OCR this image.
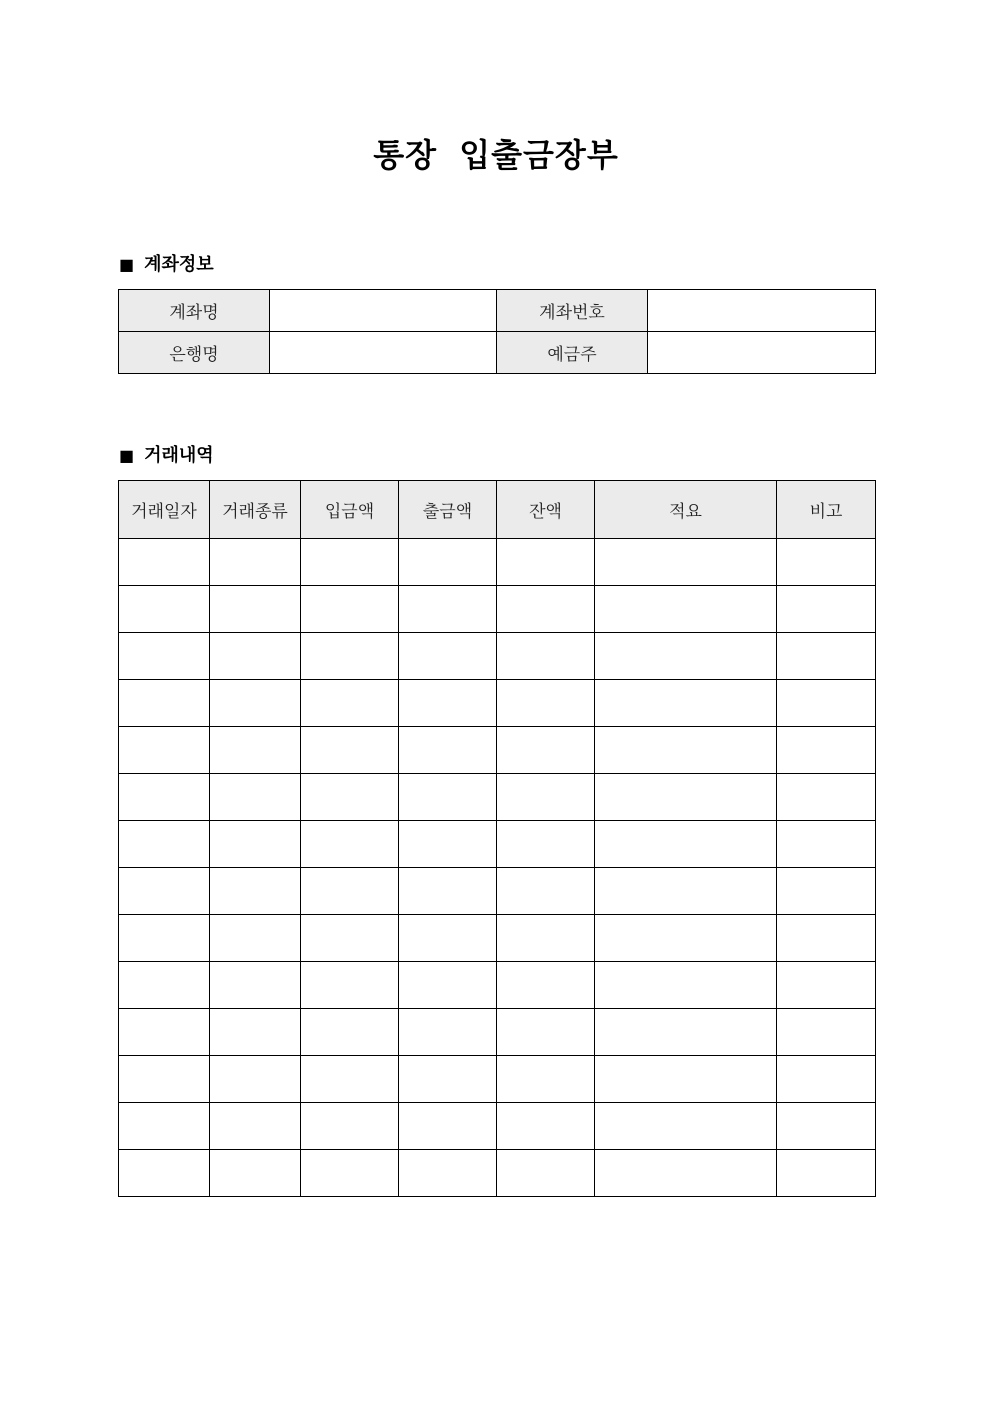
통장 입출금장부
■ 계좌정보
계좌명		계좌번호	
은행명		예금주	
■ 거래내역
거래일자	거래종류	입금액	출금액	잔액	적요	비고
